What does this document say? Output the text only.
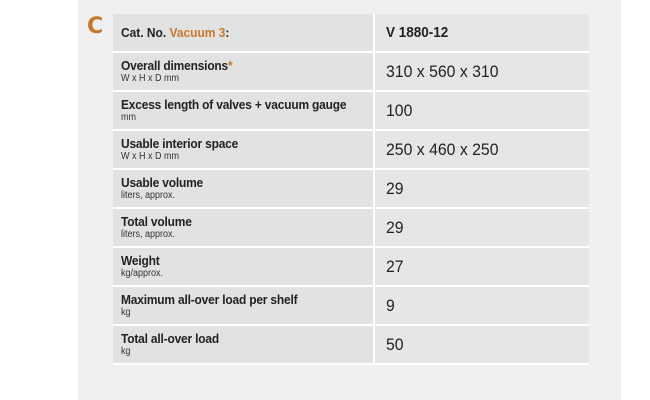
C Cat. No. Vacuum 3:	V 1880-12

Overall dimensions*
W x H x D mm	310 x 560 x 310

Excess length of valves + vacuum gauge
mm	100

Usable interior space
W x H x D mm	250 x 460 x 250

Usable volume
liters, approx.	29

Total volume
liters, approx.	29

Weight
kg/approx.	27

Maximum all-over load per shelf
kg	9

Total all-over load
kg	50
